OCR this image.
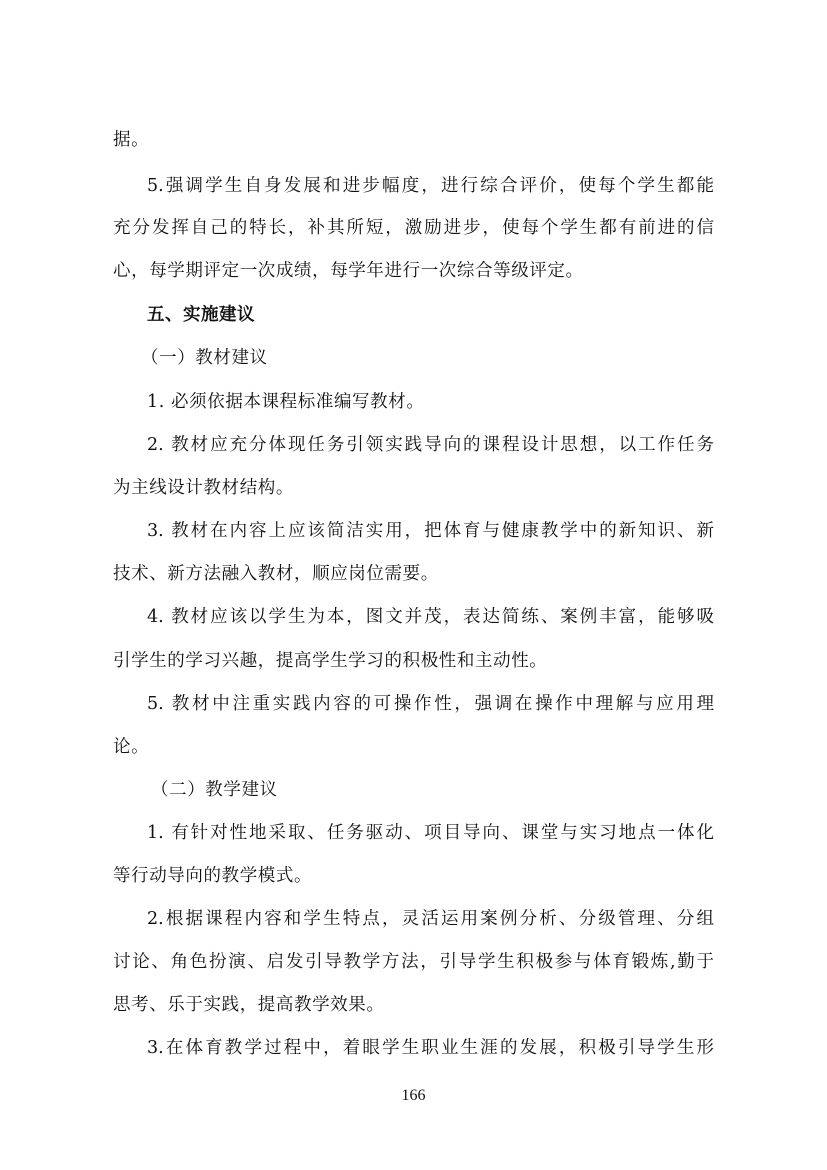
据。
5.强调学生自身发展和进步幅度，进行综合评价，使每个学生都能
充分发挥自己的特长，补其所短，激励进步，使每个学生都有前进的信
心，每学期评定一次成绩，每学年进行一次综合等级评定。
五、实施建议
（一）教材建议
1. 必须依据本课程标准编写教材。
2. 教材应充分体现任务引领实践导向的课程设计思想，以工作任务
为主线设计教材结构。
3. 教材在内容上应该简洁实用，把体育与健康教学中的新知识、新
技术、新方法融入教材，顺应岗位需要。
4. 教材应该以学生为本，图文并茂，表达简练、案例丰富，能够吸
引学生的学习兴趣，提高学生学习的积极性和主动性。
5. 教材中注重实践内容的可操作性，强调在操作中理解与应用理
论。
（二）教学建议
1. 有针对性地采取、任务驱动、项目导向、课堂与实习地点一体化
等行动导向的教学模式。
2.根据课程内容和学生特点，灵活运用案例分析、分级管理、分组
讨论、角色扮演、启发引导教学方法，引导学生积极参与体育锻炼,勤于
思考、乐于实践，提高教学效果。
3.在体育教学过程中，着眼学生职业生涯的发展，积极引导学生形
166
